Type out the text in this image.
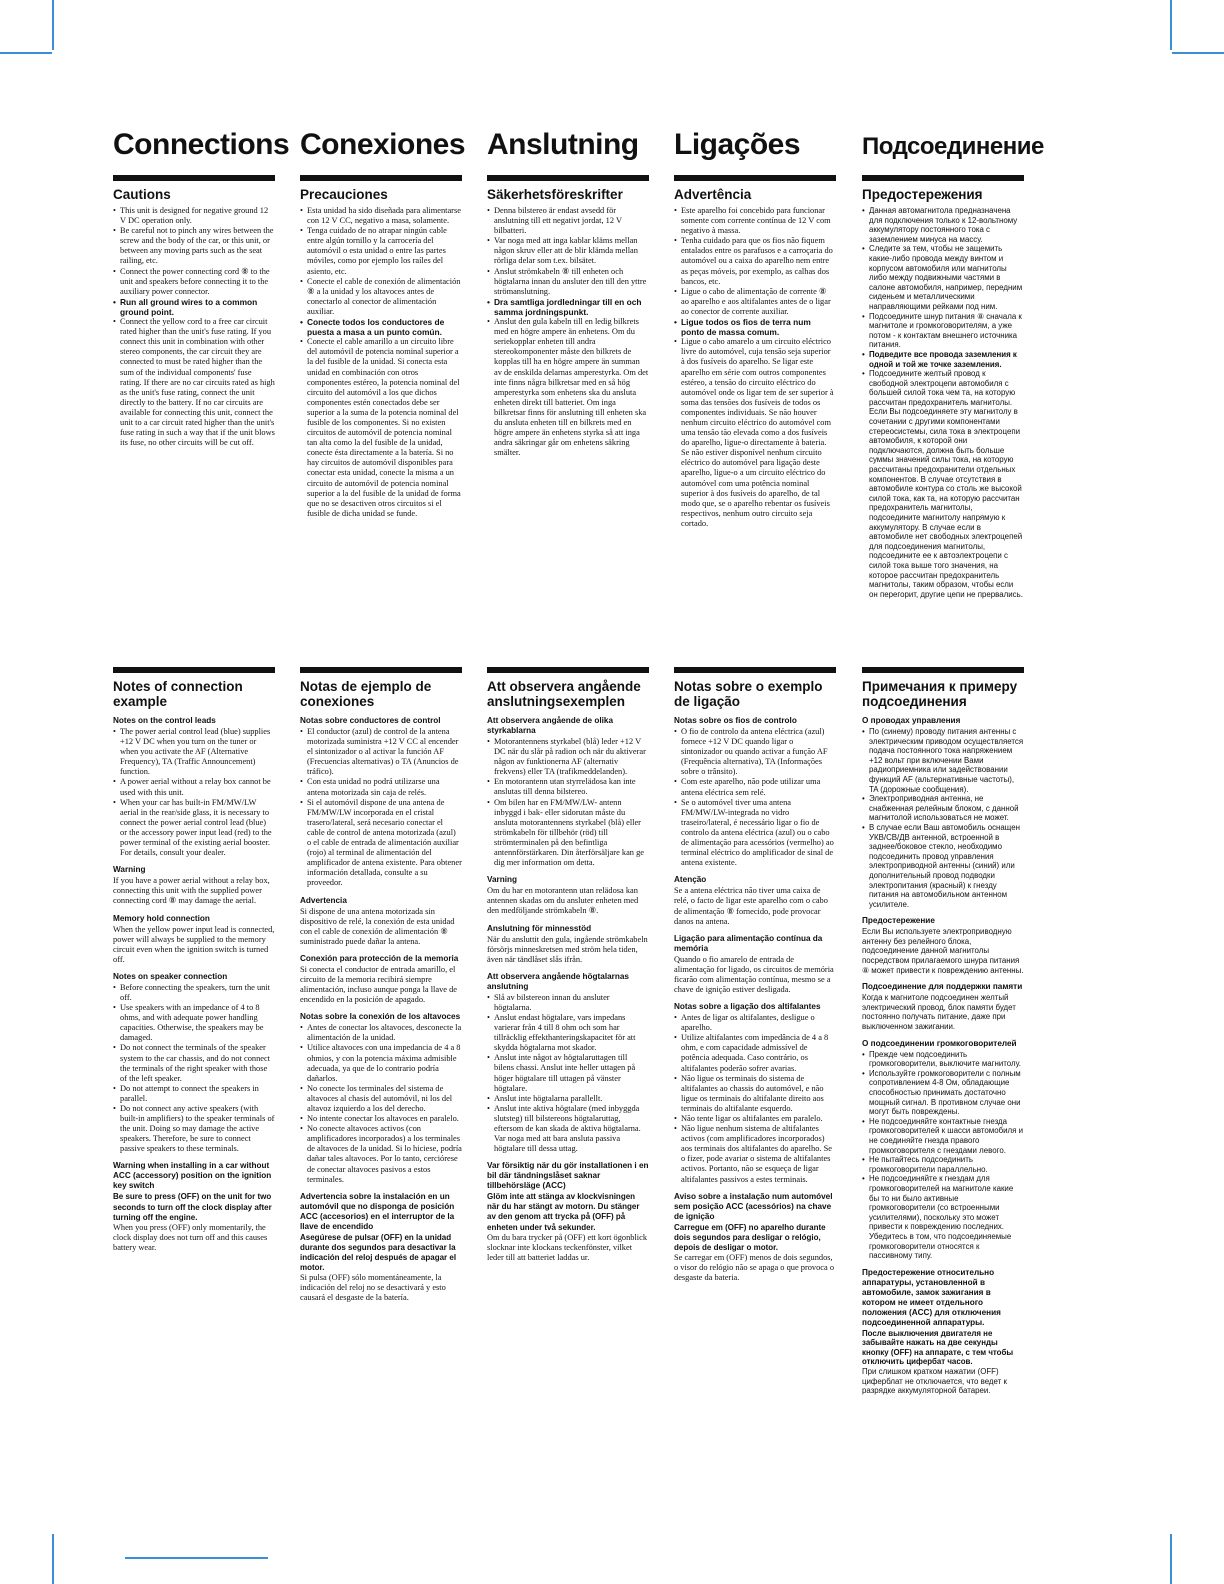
Connections
Cautions
• This unit is designed for negative ground 12 V DC operation only.
• Be careful not to pinch any wires between the screw and the body of the car, or this unit, or between any moving parts such as the seat railing, etc.
• Connect the power connecting cord ⑧ to the unit and speakers before connecting it to the auxiliary power connector.
• Run all ground wires to a common ground point.
• Connect the yellow cord to a free car circuit rated higher than the unit's fuse rating. If you connect this unit in combination with other stereo components, the car circuit they are connected to must be rated higher than the sum of the individual components' fuse rating. If there are no car circuits rated as high as the unit's fuse rating, connect the unit directly to the battery. If no car circuits are available for connecting this unit, connect the unit to a car circuit rated higher than the unit's fuse rating in such a way that if the unit blows its fuse, no other circuits will be cut off.
Notes of connection example
Notes on the control leads
• The power aerial control lead (blue) supplies +12 V DC when you turn on the tuner or when you activate the AF (Alternative Frequency), TA (Traffic Announcement) function.
• A power aerial without a relay box cannot be used with this unit.
• When your car has built-in FM/MW/LW aerial in the rear/side glass, it is necessary to connect the power aerial control lead (blue) or the accessory power input lead (red) to the power terminal of the existing aerial booster. For details, consult your dealer.
Warning

If you have a power aerial without a relay box, connecting this unit with the supplied power connecting cord ⑧ may damage the aerial.

Memory hold connection

When the yellow power input lead is connected, power will always be supplied to the memory circuit even when the ignition switch is turned off.

Notes on speaker connection
• Before connecting the speakers, turn the unit off.
• Use speakers with an impedance of 4 to 8 ohms, and with adequate power handling capacities. Otherwise, the speakers may be damaged.
• Do not connect the terminals of the speaker system to the car chassis, and do not connect the terminals of the right speaker with those of the left speaker.
• Do not attempt to connect the speakers in parallel.
• Do not connect any active speakers (with built-in amplifiers) to the speaker terminals of the unit. Doing so may damage the active speakers. Therefore, be sure to connect passive speakers to these terminals.
Warning when installing in a car without ACC (accessory) position on the ignition key switch

Be sure to press (OFF) on the unit for two seconds to turn off the clock display after turning off the engine.

When you press (OFF) only momentarily, the clock display does not turn off and this causes battery wear.

Conexiones
Precauciones
• Esta unidad ha sido diseñada para alimentarse con 12 V CC, negativo a masa, solamente.
• Tenga cuidado de no atrapar ningún cable entre algún tornillo y la carrocería del automóvil o esta unidad o entre las partes móviles, como por ejemplo los raíles del asiento, etc.
• Conecte el cable de conexión de alimentación ⑧ a la unidad y los altavoces antes de conectarlo al conector de alimentación auxiliar.
• Conecte todos los conductores de puesta a masa a un punto común.
• Conecte el cable amarillo a un circuito libre del automóvil de potencia nominal superior a la del fusible de la unidad. Si conecta esta unidad en combinación con otros componentes estéreo, la potencia nominal del circuito del automóvil a los que dichos componentes estén conectados debe ser superior a la suma de la potencia nominal del fusible de los componentes. Si no existen circuitos de automóvil de potencia nominal tan alta como la del fusible de la unidad, conecte ésta directamente a la batería. Si no hay circuitos de automóvil disponibles para conectar esta unidad, conecte la misma a un circuito de automóvil de potencia nominal superior a la del fusible de la unidad de forma que no se desactiven otros circuitos si el fusible de dicha unidad se funde.
Notas de ejemplo de conexiones
Notas sobre conductores de control
• El conductor (azul) de control de la antena motorizada suministra +12 V CC al encender el sintonizador o al activar la función AF (Frecuencias alternativas) o TA (Anuncios de tráfico).
• Con esta unidad no podrá utilizarse una antena motorizada sin caja de relés.
• Si el automóvil dispone de una antena de FM/MW/LW incorporada en el cristal trasero/lateral, será necesario conectar el cable de control de antena motorizada (azul) o el cable de entrada de alimentación auxiliar (rojo) al terminal de alimentación del amplificador de antena existente. Para obtener información detallada, consulte a su proveedor.
Advertencia

Si dispone de una antena motorizada sin dispositivo de relé, la conexión de esta unidad con el cable de conexión de alimentación ⑧ suministrado puede dañar la antena.

Conexión para protección de la memoria

Si conecta el conductor de entrada amarillo, el circuito de la memoria recibirá siempre alimentación, incluso aunque ponga la llave de encendido en la posición de apagado.

Notas sobre la conexión de los altavoces
• Antes de conectar los altavoces, desconecte la alimentación de la unidad.
• Utilice altavoces con una impedancia de 4 a 8 ohmios, y con la potencia máxima admisible adecuada, ya que de lo contrario podría dañarlos.
• No conecte los terminales del sistema de altavoces al chasis del automóvil, ni los del altavoz izquierdo a los del derecho.
• No intente conectar los altavoces en paralelo.
• No conecte altavoces activos (con amplificadores incorporados) a los terminales de altavoces de la unidad. Si lo hiciese, podría dañar tales altavoces. Por lo tanto, cerciórese de conectar altavoces pasivos a estos terminales.
Advertencia sobre la instalación en un automóvil que no disponga de posición ACC (accesorios) en el interruptor de la llave de encendido

Asegúrese de pulsar (OFF) en la unidad durante dos segundos para desactivar la indicación del reloj después de apagar el motor.

Si pulsa (OFF) sólo momentáneamente, la indicación del reloj no se desactivará y esto causará el desgaste de la batería.

Anslutning
Säkerhetsföreskrifter
• Denna bilstereo är endast avsedd för anslutning till ett negativt jordat, 12 V bilbatteri.
• Var noga med att inga kablar kläms mellan någon skruv eller att de blir klämda mellan rörliga delar som t.ex. bilsätet.
• Anslut strömkabeln ⑧ till enheten och högtalarna innan du ansluter den till den yttre strömanslutning.
• Dra samtliga jordledningar till en och samma jordningspunkt.
• Anslut den gula kabeln till en ledig bilkrets med en högre ampere än enhetens. Om du seriekopplar enheten till andra stereokomponenter måste den bilkrets de kopplas till ha en högre ampere än summan av de enskilda delarnas amperestyrka. Om det inte finns några bilkretsar med en så hög amperestyrka som enhetens ska du ansluta enheten direkt till batteriet. Om inga bilkretsar finns för anslutning till enheten ska du ansluta enheten till en bilkrets med en högre ampere än enhetens styrka så att inga andra säkringar går om enhetens säkring smälter.
Att observera angående anslutningsexemplen
Att observera angående de olika styrkablarna
• Motorantennens styrkabel (blå) leder +12 V DC när du slår på radion och när du aktiverar någon av funktionerna AF (alternativ frekvens) eller TA (trafikmeddelanden).
• En motorantenn utan styrrelädosa kan inte anslutas till denna bilstereo.
• Om bilen har en FM/MW/LW- antenn inbyggd i bak- eller sidorutan måste du ansluta motorantennens styrkabel (blå) eller strömkabeln för tillbehör (röd) till strömterminalen på den befintliga antennförstärkaren. Din återförsäljare kan ge dig mer information om detta.
Varning

Om du har en motorantenn utan relädosa kan antennen skadas om du ansluter enheten med den medföljande strömkabeln ⑧.

Anslutning för minnesstöd

När du ansluttit den gula, ingående strömkabeln försörjs minneskretsen med ström hela tiden, även när tändlåset slås ifrån.

Att observera angående högtalarnas anslutning
• Slå av bilstereon innan du ansluter högtalarna.
• Anslut endast högtalare, vars impedans varierar från 4 till 8 ohm och som har tillräcklig effekthanteringskapacitet för att skydda högtalarna mot skador.
• Anslut inte något av högtalaruttagen till bilens chassi. Anslut inte heller uttagen på höger högtalare till uttagen på vänster högtalare.
• Anslut inte högtalarna parallellt.
• Anslut inte aktiva högtalare (med inbyggda slutsteg) till bilstereons högtalaruttag, eftersom de kan skada de aktiva högtalarna. Var noga med att bara ansluta passiva högtalare till dessa uttag.
Var försiktig när du gör installationen i en bil där tändningslåset saknar tillbehörsläge (ACC)

Glöm inte att stänga av klockvisningen när du har stängt av motorn. Du stänger av den genom att trycka på (OFF) på enheten under två sekunder.

Om du bara trycker på (OFF) ett kort ögonblick slocknar inte klockans teckenfönster, vilket leder till att batteriet laddas ur.

Ligações
Advertência
• Este aparelho foi concebido para funcionar somente com corrente contínua de 12 V com negativo à massa.
• Tenha cuidado para que os fios não fiquem entalados entre os parafusos e a carroçaria do automóvel ou a caixa do aparelho nem entre as peças móveis, por exemplo, as calhas dos bancos, etc.
• Ligue o cabo de alimentação de corrente ⑧ ao aparelho e aos altifalantes antes de o ligar ao conector de corrente auxiliar.
• Ligue todos os fios de terra num ponto de massa comum.
• Ligue o cabo amarelo a um circuito eléctrico livre do automóvel, cuja tensão seja superior à dos fusíveis do aparelho. Se ligar este aparelho em série com outros componentes estéreo, a tensão do circuito eléctrico do automóvel onde os ligar tem de ser superior à soma das tensões dos fusíveis de todos os componentes individuais. Se não houver nenhum circuito eléctrico do automóvel com uma tensão tão elevada como a dos fusíveis do aparelho, ligue-o directamente à bateria. Se não estiver disponível nenhum circuito eléctrico do automóvel para ligação deste aparelho, ligue-o a um circuito eléctrico do automóvel com uma potência nominal superior à dos fusíveis do aparelho, de tal modo que, se o aparelho rebentar os fusíveis respectivos, nenhum outro circuito seja cortado.
Notas sobre o exemplo de ligação
Notas sobre os fios de controlo
• O fio de controlo da antena eléctrica (azul) fornece +12 V DC quando ligar o sintonizador ou quando activar a função AF (Frequência alternativa), TA (Informações sobre o trânsito).
• Com este aparelho, não pode utilizar uma antena eléctrica sem relé.
• Se o automóvel tiver uma antena FM/MW/LW-integrada no vidro traseiro/lateral, é necessário ligar o fio de controlo da antena eléctrica (azul) ou o cabo de alimentação para acessórios (vermelho) ao terminal eléctrico do amplificador de sinal de antena existente.
Atenção

Se a antena eléctrica não tiver uma caixa de relé, o facto de ligar este aparelho com o cabo de alimentação ⑧ fornecido, pode provocar danos na antena.

Ligação para alimentação contínua da memória

Quando o fio amarelo de entrada de alimentação for ligado, os circuitos de memória ficarão com alimentação contínua, mesmo se a chave de ignição estiver desligada.

Notas sobre a ligação dos altifalantes
• Antes de ligar os altifalantes, desligue o aparelho.
• Utilize altifalantes com impedância de 4 a 8 ohm, e com capacidade admissível de potência adequada. Caso contrário, os altifalantes poderão sofrer avarias.
• Não ligue os terminais do sistema de altifalantes ao chassis do automóvel, e não ligue os terminais do altifalante direito aos terminais do altifalante esquerdo.
• Não tente ligar os altifalantes em paralelo.
• Não ligue nenhum sistema de altifalantes activos (com amplificadores incorporados) aos terminais dos altifalantes do aparelho. Se o fizer, pode avariar o sistema de altifalantes activos. Portanto, não se esqueça de ligar altifalantes passivos a estes terminais.
Aviso sobre a instalação num automóvel sem posição ACC (acessórios) na chave de ignição

Carregue em (OFF) no aparelho durante dois segundos para desligar o relógio, depois de desligar o motor.

Se carregar em (OFF) menos de dois segundos, o visor do relógio não se apaga o que provoca o desgaste da bateria.

Подсоединение
Предостережения
• Данная автомагнитола предназначена для подключения только к 12-вольтному аккумулятору постоянного тока с заземлением минуса на массу.
• Следите за тем, чтобы не защемить какие-либо провода между винтом и корпусом автомобиля или магнитолы либо между подвижными частями в салоне автомобиля, например, передним сиденьем и металлическими направляющими рейками под ним.
• Подсоедините шнур питания ⑧ сначала к магнитоле и громкоговорителям, а уже потом - к контактам внешнего источника питания.
• Подведите все провода заземления к одной и той же точке заземления.
• Подсоедините желтый провод к свободной электроцепи автомобиля с большей силой тока чем та, на которую рассчитан предохранитель магнитолы. Если Вы подсоединяете эту магнитолу в сочетании с другими компонентами стереосистемы, сила тока в электроцепи автомобиля, к которой они подключаются, должна быть больше суммы значений силы тока, на которую рассчитаны предохранители отдельных компонентов. В случае отсутствия в автомобиле контура со столь же высокой силой тока, как та, на которую рассчитан предохранитель магнитолы, подсоедините магнитолу напрямую к аккумулятору. В случае если в автомобиле нет свободных электроцепей для подсоединения магнитолы, подсоедините ее к автоэлектроцепи с силой тока выше того значения, на которое рассчитан предохранитель магнитолы, таким образом, чтобы если он перегорит, другие цепи не прервались.
Примечания к примеру подсоединения
О проводах управления
• По (синему) проводу питания антенны с электрическим приводом осуществляется подача постоянного тока напряжением +12 вольт при включении Вами радиоприемника или задействовании функций AF (альтернативные частоты), TA (дорожные сообщения).
• Электроприводная антенна, не снабженная релейным блоком, с данной магнитолой использоваться не может.
• В случае если Ваш автомобиль оснащен УКВ/СВ/ДВ антенной, встроенной в заднее/боковое стекло, необходимо подсоединить провод управления электроприводной антенны (синий) или дополнительный провод подводки электропитания (красный) к гнезду питания на автомобильном антенном усилителе.
Предостережение

Если Вы используете электроприводную антенну без релейного блока, подсоединение данной магнитолы посредством прилагаемого шнура питания ⑧ может привести к повреждению антенны.

Подсоединение для поддержки памяти

Когда к магнитоле подсоединен желтый электрический провод, блок памяти будет постоянно получать питание, даже при выключенном зажигании.

О подсоединении громкоговорителей
• Прежде чем подсоединить громкоговорители, выключите магнитолу.
• Используйте громкоговорители с полным сопротивлением 4-8 Ом, обладающие способностью принимать достаточно мощный сигнал. В противном случае они могут быть повреждены.
• Не подсоединяйте контактные гнезда громкоговорителей к шасси автомобиля и не соединяйте гнезда правого громкоговорителя с гнездами левого.
• Не пытайтесь подсоединить громкоговорители параллельно.
• Не подсоединяйте к гнездам для громкоговорителей на магнитоле какие бы то ни было активные громкоговорители (со встроенными усилителями), поскольку это может привести к повреждению последних. Убедитесь в том, что подсоединяемые громкоговорители относятся к пассивному типу.
Предостережение относительно аппаратуры, установленной в автомобиле, замок зажигания в котором не имеет отдельного положения (ACC) для отключения подсоединенной аппаратуры.

После выключения двигателя не забывайте нажать на две секунды кнопку (OFF) на аппарате, с тем чтобы отключить цифербат часов.

При слишком кратком нажатии (OFF) циферблат не отключается, что ведет к разрядке аккумуляторной батареи.
